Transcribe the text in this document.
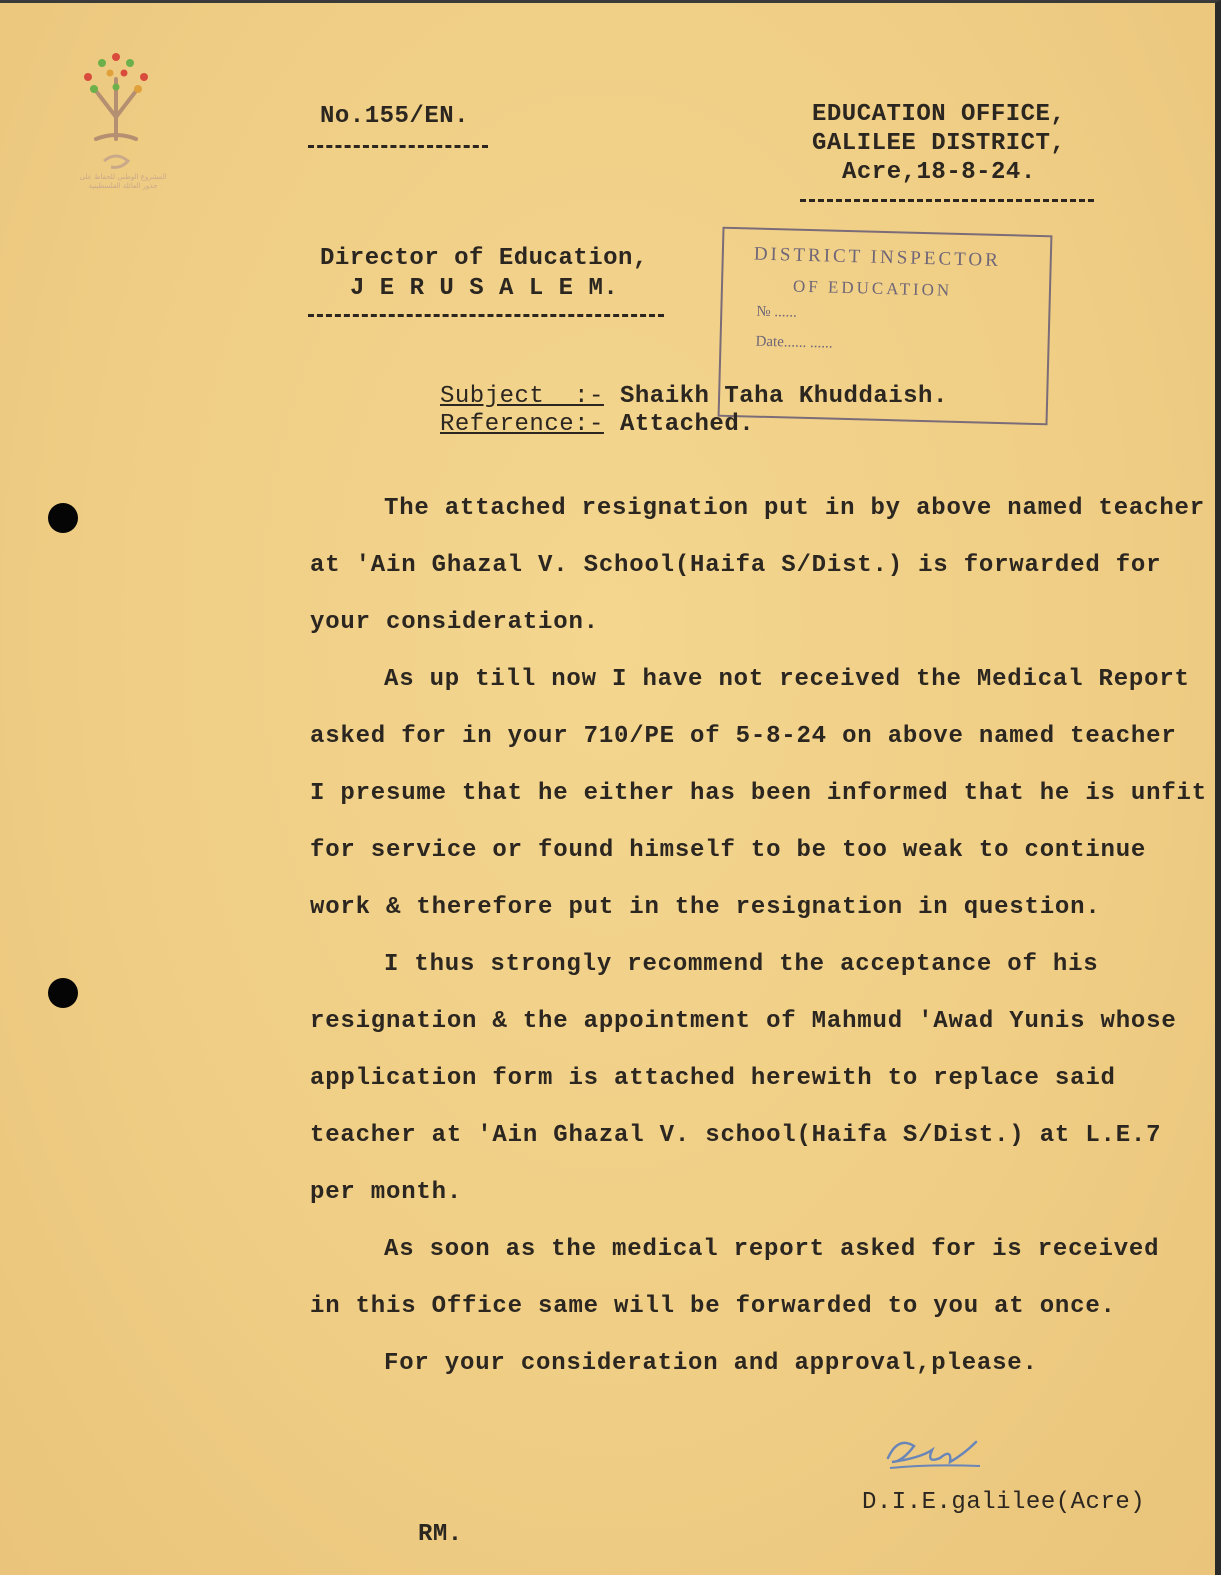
المشروع الوطني للحفاظ على
جذور العائلة الفلسطينية
No.155/EN.	EDUCATION OFFICE,
GALILEE DISTRICT,
Acre,18-8-24.
Director of Education,
J E R U S A L E M.
DISTRICT INSPECTOR
OF EDUCATION
№ ......
Date...... ......
Subject  :- Shaikh Taha Khuddaish.
Reference:- Attached.
The attached resignation put in by above named teacher
at 'Ain Ghazal V. School(Haifa S/Dist.) is forwarded for
your consideration.
As up till now I have not received the Medical Report
asked for in your 710/PE of 5-8-24 on above named teacher
I presume that he either has been informed that he is unfit
for service or found himself to be too weak to continue
work & therefore put in the resignation in question.
I thus strongly recommend the acceptance of his
resignation & the appointment of Mahmud 'Awad Yunis whose
application form is attached herewith to replace said
teacher at 'Ain Ghazal V. school(Haifa S/Dist.) at L.E.7
per month.
As soon as the medical report asked for is received
in this Office same will be forwarded to you at once.
For your consideration and approval,please.
D.I.E.galilee(Acre)
RM.
